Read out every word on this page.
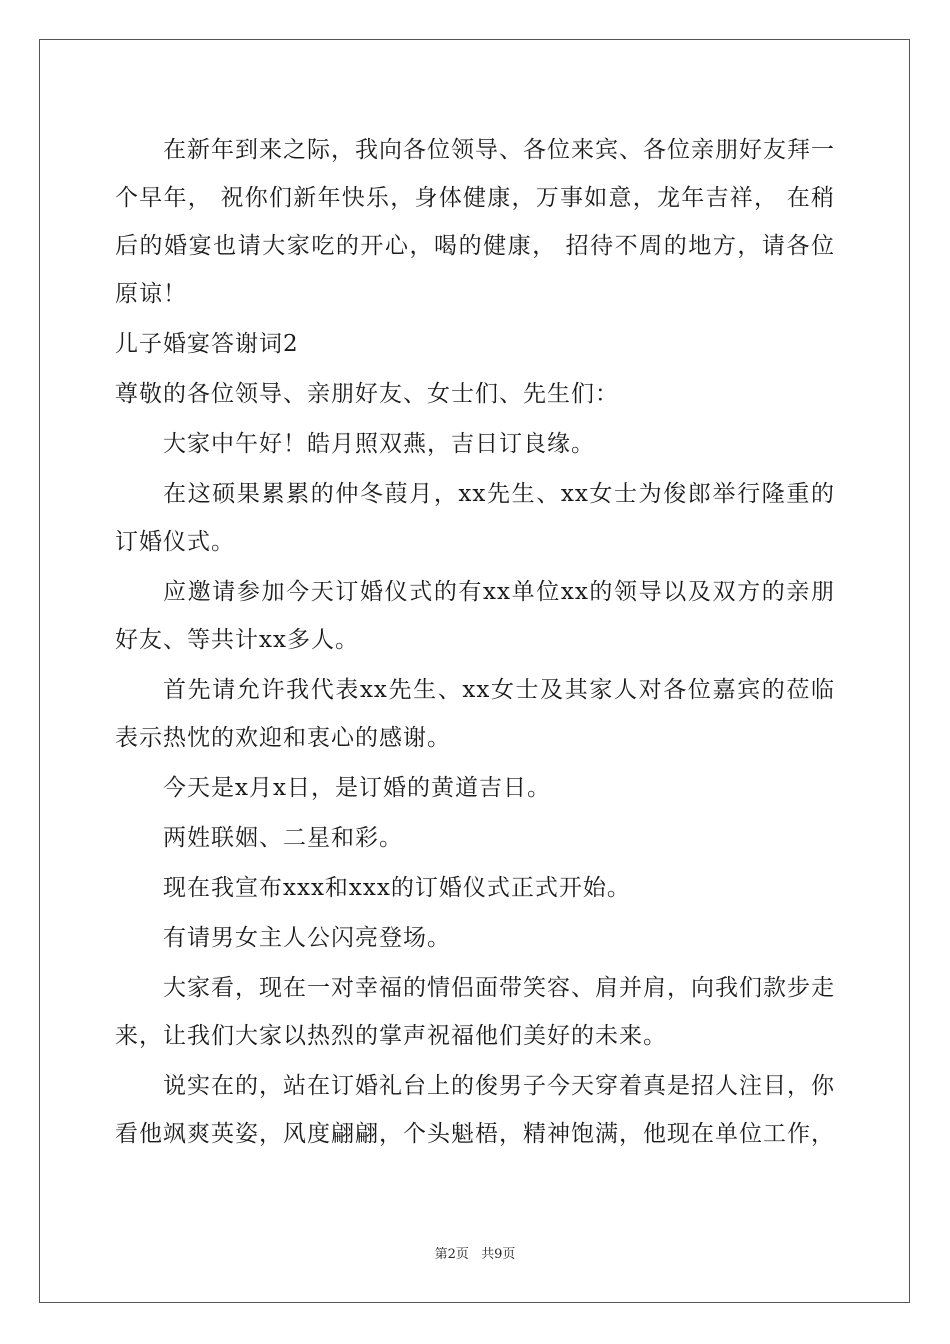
在新年到来之际，我向各位领导、各位来宾、各位亲朋好友拜一个早年， 祝你们新年快乐，身体健康，万事如意，龙年吉祥， 在稍后的婚宴也请大家吃的开心，喝的健康， 招待不周的地方，请各位原谅！

儿子婚宴答谢词2

尊敬的各位领导、亲朋好友、女士们、先生们：

大家中午好！皓月照双燕，吉日订良缘。

在这硕果累累的仲冬葭月，xx先生、xx女士为俊郎举行隆重的订婚仪式。

应邀请参加今天订婚仪式的有xx单位xx的领导以及双方的亲朋好友、等共计xx多人。

首先请允许我代表xx先生、xx女士及其家人对各位嘉宾的莅临表示热忱的欢迎和衷心的感谢。

今天是x月x日，是订婚的黄道吉日。

两姓联姻、二星和彩。

现在我宣布xxx和xxx的订婚仪式正式开始。

有请男女主人公闪亮登场。

大家看，现在一对幸福的情侣面带笑容、肩并肩，向我们款步走来，让我们大家以热烈的掌声祝福他们美好的未来。

说实在的，站在订婚礼台上的俊男子今天穿着真是招人注目，你看他飒爽英姿，风度翩翩，个头魁梧，精神饱满，他现在单位工作，

第2页 共9页
